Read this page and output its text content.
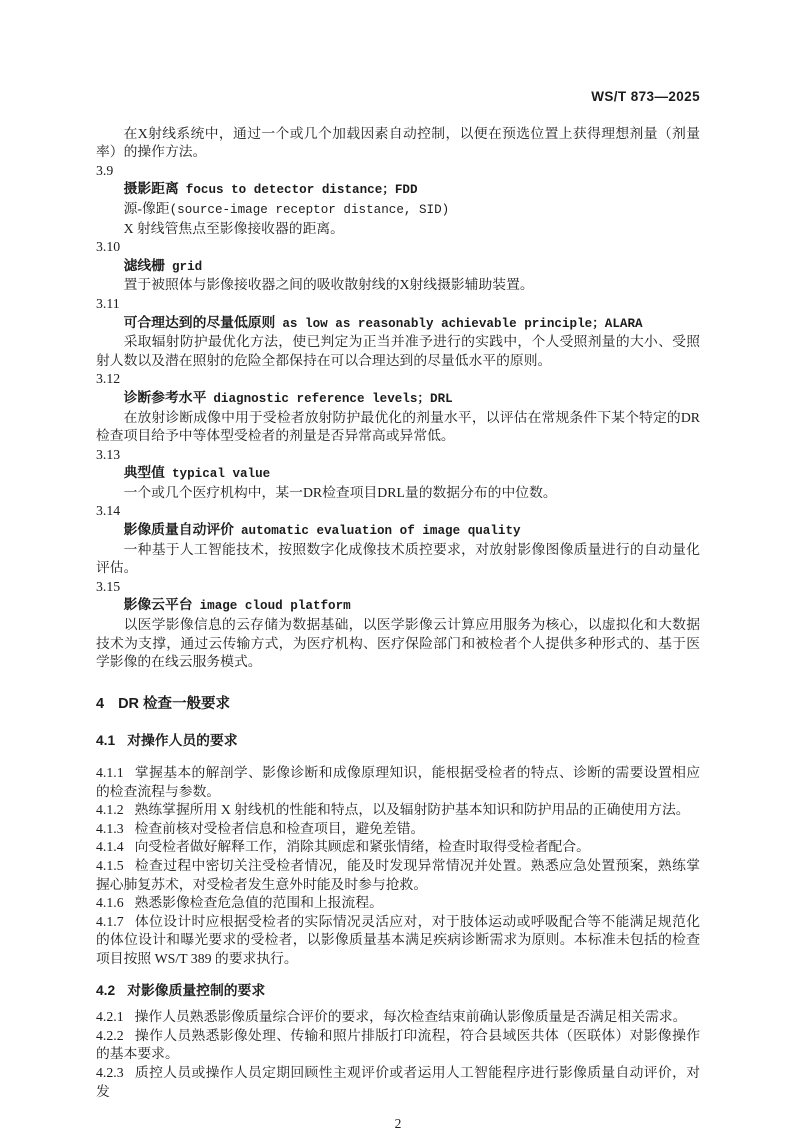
WS/T 873—2025

在X射线系统中，通过一个或几个加载因素自动控制，以便在预选位置上获得理想剂量（剂量率）的操作方法。

3.9

摄影距离 focus to detector distance；FDD

源-像距(source-image receptor distance, SID)

X 射线管焦点至影像接收器的距离。

3.10

滤线栅 grid

置于被照体与影像接收器之间的吸收散射线的X射线摄影辅助装置。

3.11

可合理达到的尽量低原则 as low as reasonably achievable principle；ALARA

采取辐射防护最优化方法，使已判定为正当并准予进行的实践中，个人受照剂量的大小、受照射人数以及潜在照射的危险全都保持在可以合理达到的尽量低水平的原则。

3.12

诊断参考水平 diagnostic reference levels；DRL

在放射诊断成像中用于受检者放射防护最优化的剂量水平，以评估在常规条件下某个特定的DR检查项目给予中等体型受检者的剂量是否异常高或异常低。

3.13

典型值 typical value

一个或几个医疗机构中，某一DR检查项目DRL量的数据分布的中位数。

3.14

影像质量自动评价 automatic evaluation of image quality

一种基于人工智能技术，按照数字化成像技术质控要求，对放射影像图像质量进行的自动量化评估。

3.15

影像云平台 image cloud platform

以医学影像信息的云存储为数据基础，以医学影像云计算应用服务为核心，以虚拟化和大数据技术为支撑，通过云传输方式，为医疗机构、医疗保险部门和被检者个人提供多种形式的、基于医学影像的在线云服务模式。

4 DR 检查一般要求
4.1 对操作人员的要求

4.1.1 掌握基本的解剖学、影像诊断和成像原理知识，能根据受检者的特点、诊断的需要设置相应的检查流程与参数。

4.1.2 熟练掌握所用 X 射线机的性能和特点，以及辐射防护基本知识和防护用品的正确使用方法。

4.1.3 检查前核对受检者信息和检查项目，避免差错。

4.1.4 向受检者做好解释工作，消除其顾虑和紧张情绪，检查时取得受检者配合。

4.1.5 检查过程中密切关注受检者情况，能及时发现异常情况并处置。熟悉应急处置预案，熟练掌握心肺复苏术，对受检者发生意外时能及时参与抢救。

4.1.6 熟悉影像检查危急值的范围和上报流程。

4.1.7 体位设计时应根据受检者的实际情况灵活应对，对于肢体运动或呼吸配合等不能满足规范化的体位设计和曝光要求的受检者，以影像质量基本满足疾病诊断需求为原则。本标准未包括的检查项目按照 WS/T 389 的要求执行。

4.2 对影像质量控制的要求

4.2.1 操作人员熟悉影像质量综合评价的要求，每次检查结束前确认影像质量是否满足相关需求。

4.2.2 操作人员熟悉影像处理、传输和照片排版打印流程，符合县域医共体（医联体）对影像操作的基本要求。

4.2.3 质控人员或操作人员定期回顾性主观评价或者运用人工智能程序进行影像质量自动评价，对发

2
